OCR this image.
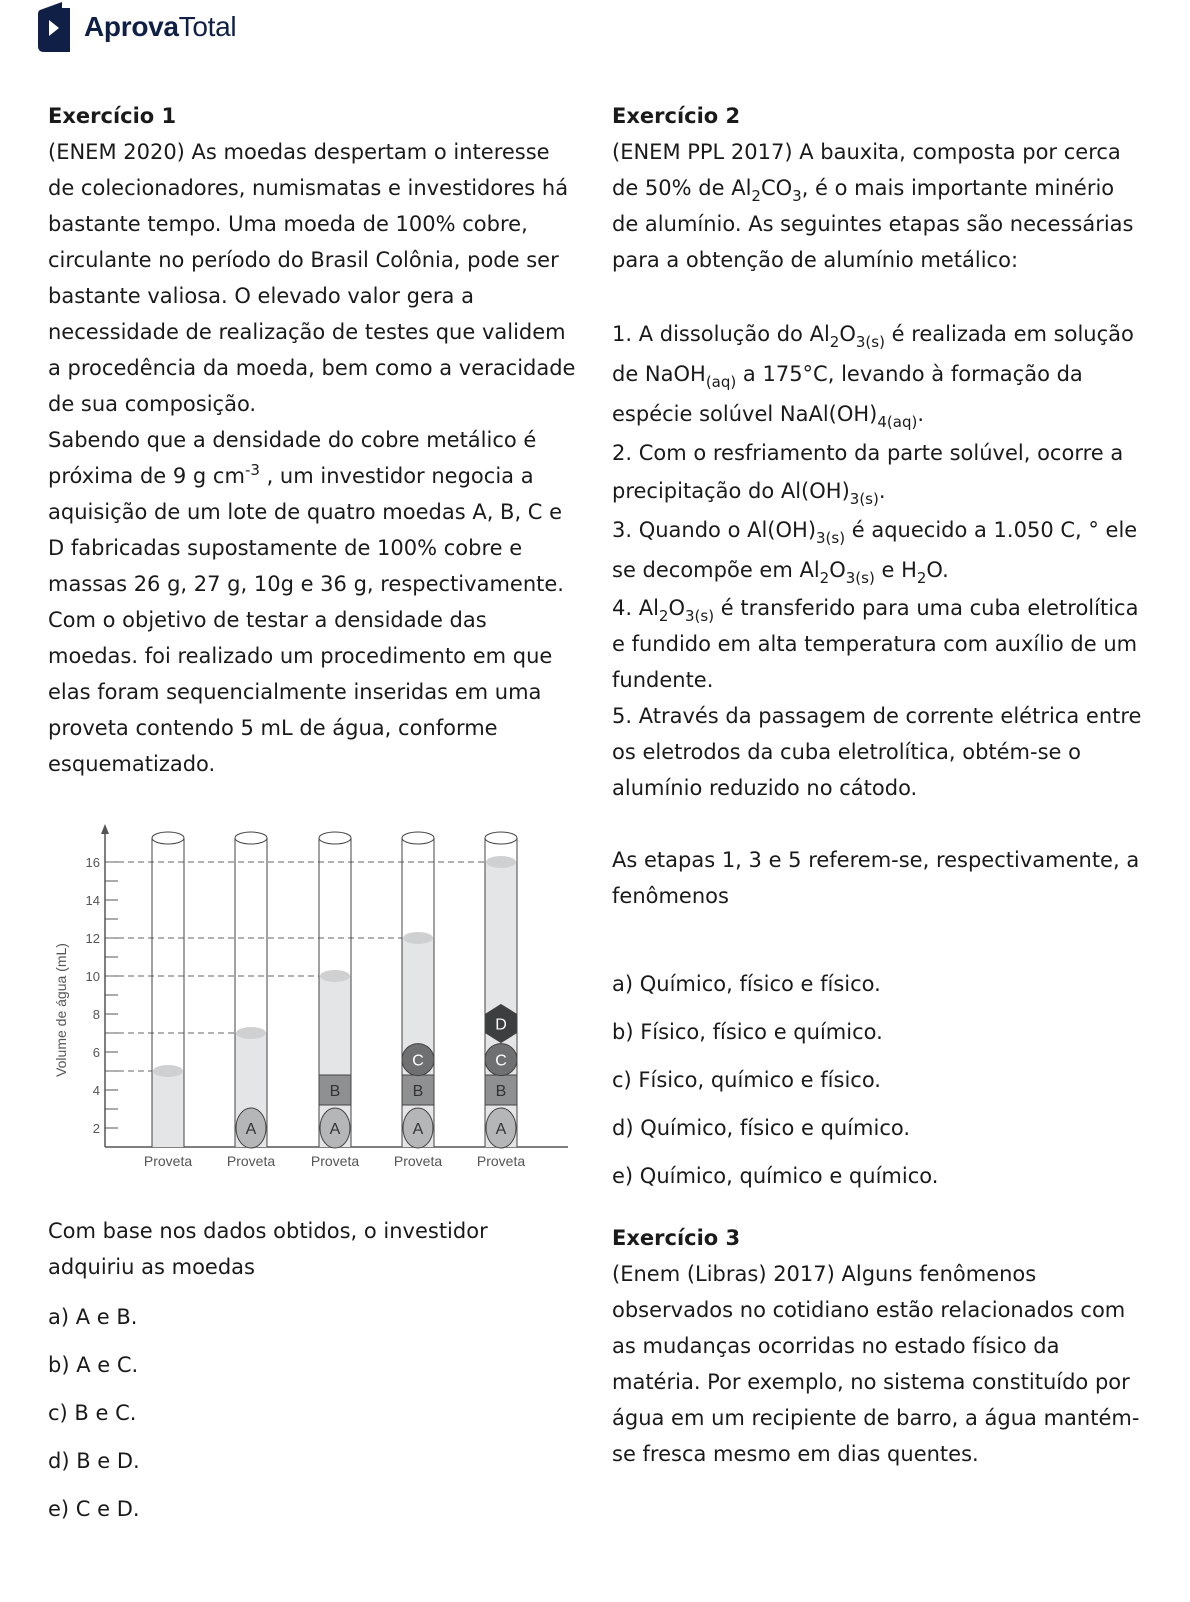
AprovaTotal

Exercício 1

(ENEM 2020) As moedas despertam o interesse de colecionadores, numismatas e investidores há bastante tempo. Uma moeda de 100% cobre, circulante no período do Brasil Colônia, pode ser bastante valiosa. O elevado valor gera a necessidade de realização de testes que validem a procedência da moeda, bem como a veracidade de sua composição.

Sabendo que a densidade do cobre metálico é próxima de 9 g $cm^{-3}$ , um investidor negocia a aquisição de um lote de quatro moedas A, B, C e D fabricadas supostamente de 100% cobre e massas 26 g, 27 g, 10g e 36 g, respectivamente. Com o objetivo de testar a densidade das moedas. foi realizado um procedimento em que elas foram sequencialmente inseridas em uma proveta contendo 5 mL de água, conforme esquematizado.

Volume de água (mL)
2
4
6
8
10
12
14
16
Proveta
A
Proveta
A
B
Proveta
A
B
C
Proveta
A
B
C
D
Proveta

Com base nos dados obtidos, o investidor adquiriu as moedas

a) A e B.

b) A e C.

c) B e C.

d) B e D.

e) C e D.

Exercício 2

(ENEM PPL 2017) A bauxita, composta por cerca de 50% de $Al_2CO_3$, é o mais importante minério de alumínio. As seguintes etapas são necessárias para a obtenção de alumínio metálico:

1. A dissolução do $Al_2O_{3(s)}$ é realizada em solução de NaOH$_{(aq)}$ a 175°C, levando à formação da espécie solúvel $NaAl(OH)_{4(aq)}$.

2. Com o resfriamento da parte solúvel, ocorre a precipitação do $Al(OH)_{3(s)}$.

3. Quando o $Al(OH)_{3(s)}$ é aquecido a 1.050 C, ° ele se decompõe em $Al_2O_{3(s)}$ e $H_2O$.

4. $Al_2O_{3(s)}$ é transferido para uma cuba eletrolítica e fundido em alta temperatura com auxílio de um fundente.

5. Através da passagem de corrente elétrica entre os eletrodos da cuba eletrolítica, obtém-se o alumínio reduzido no cátodo.

As etapas 1, 3 e 5 referem-se, respectivamente, a fenômenos

a) Químico, físico e físico.

b) Físico, físico e químico.

c) Físico, químico e físico.

d) Químico, físico e químico.

e) Químico, químico e químico.

Exercício 3

(Enem (Libras) 2017) Alguns fenômenos observados no cotidiano estão relacionados com as mudanças ocorridas no estado físico da matéria. Por exemplo, no sistema constituído por água em um recipiente de barro, a água mantém-se fresca mesmo em dias quentes.
